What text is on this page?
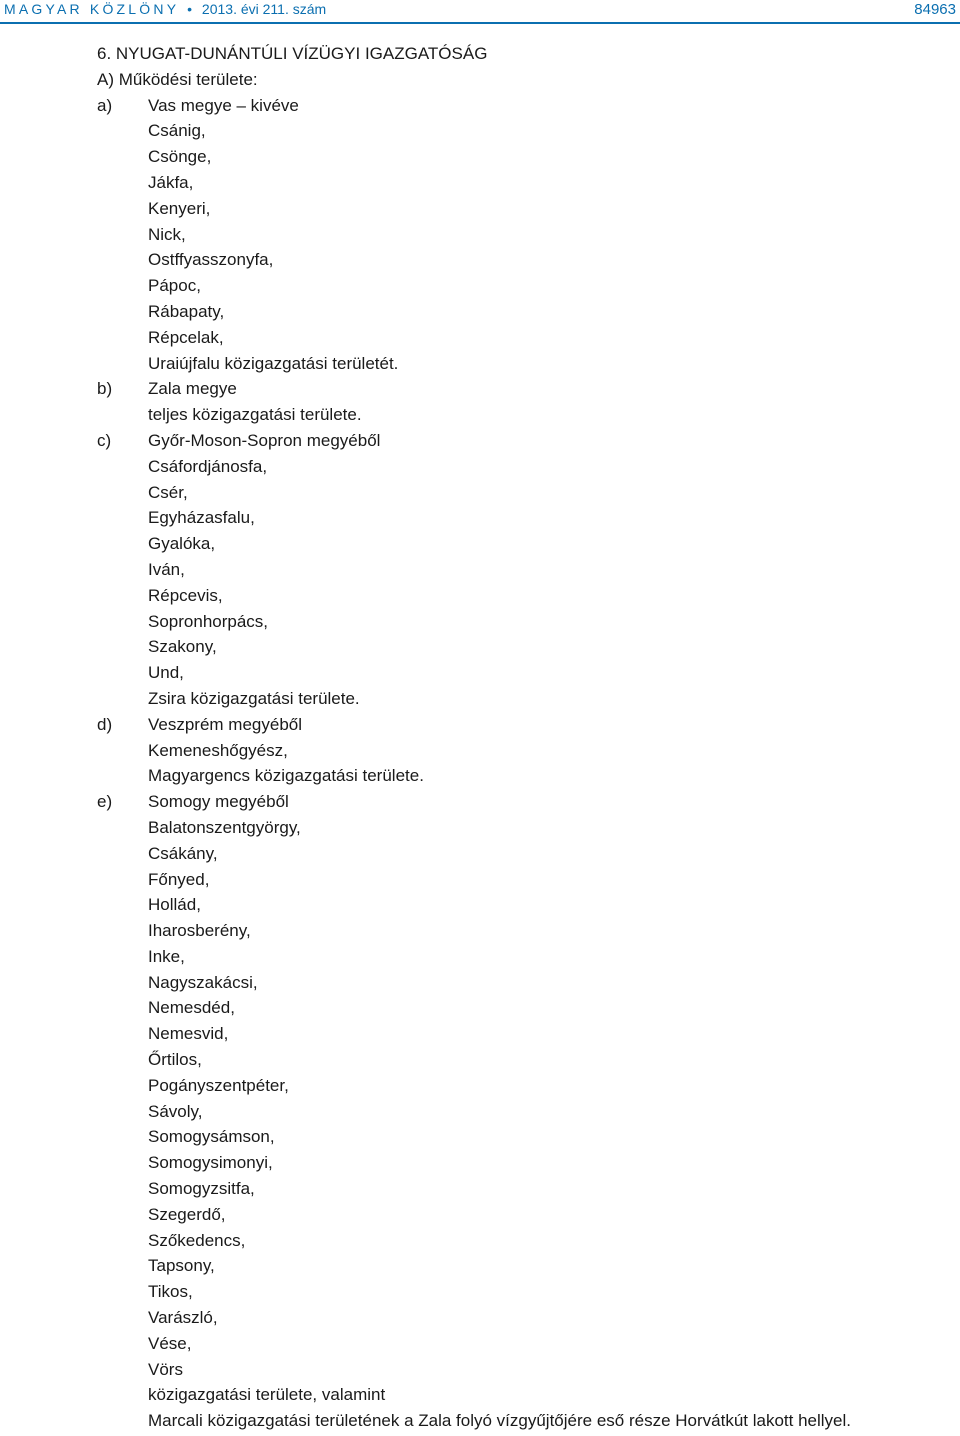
MAGYAR KÖZLÖNY • 2013. évi 211. szám	84963
6. NYUGAT-DUNÁNTÚLI VÍZÜGYI IGAZGATÓSÁG
A) Működési területe:
a) Vas megye – kivéve
Csánig,
Csönge,
Jákfa,
Kenyeri,
Nick,
Ostffyasszonyfa,
Pápoc,
Rábapaty,
Répcelak,
Uraiújfalu közigazgatási területét.
b) Zala megye
teljes közigazgatási területe.
c) Győr-Moson-Sopron megyéből
Csáfordjánosfa,
Csér,
Egyházasfalu,
Gyalóka,
Iván,
Répcevis,
Sopronhorpács,
Szakony,
Und,
Zsira közigazgatási területe.
d) Veszprém megyéből
Kemeneshőgyész,
Magyargencs közigazgatási területe.
e) Somogy megyéből
Balatonszentgyörgy,
Csákány,
Főnyed,
Hollád,
Iharosberény,
Inke,
Nagyszakácsi,
Nemesdéd,
Nemesvid,
Őrtilos,
Pogányszentpéter,
Sávoly,
Somogysámson,
Somogysimonyi,
Somogyzsitfa,
Szegerdő,
Szőkedencs,
Tapsony,
Tikos,
Varászló,
Vése,
Vörs
közigazgatási területe, valamint
Marcali közigazgatási területének a Zala folyó vízgyűjtőjére eső része Horvátkút lakott hellyel.
